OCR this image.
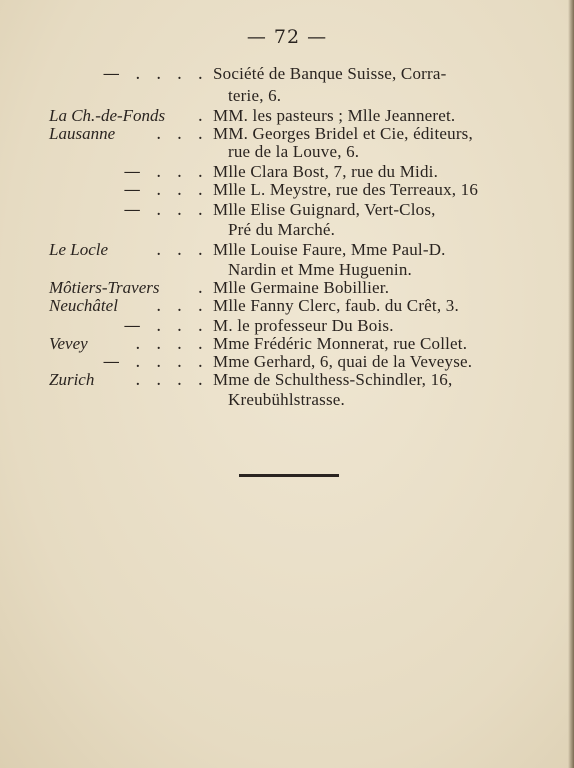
— 72 —
— . . . . Société de Banque Suisse, Corra-
terie, 6.
La Ch.-de-Fonds . MM. les pasteurs ; Mlle Jeanneret.
Lausanne . . . MM. Georges Bridel et Cie, éditeurs,
rue de la Louve, 6.
— . . . Mlle Clara Bost, 7, rue du Midi.
— . . . Mlle L. Meystre, rue des Terreaux, 16
— . . . Mlle Elise Guignard, Vert-Clos,
Pré du Marché.
Le Locle	. . . Mlle Louise Faure, Mme Paul-D.
Nardin et Mme Huguenin.
Môtiers-Travers . Mlle Germaine Bobillier.
Neuchâtel . . . Mlle Fanny Clerc, faub. du Crêt, 3.
— . . . M. le professeur Du Bois.
Vevey	. . . . Mme Frédéric Monnerat, rue Collet.
— . . . . Mme Gerhard, 6, quai de la Veveyse.
Zurich . . . . Mme de Schulthess-Schindler, 16,
Kreubühlstrasse.
